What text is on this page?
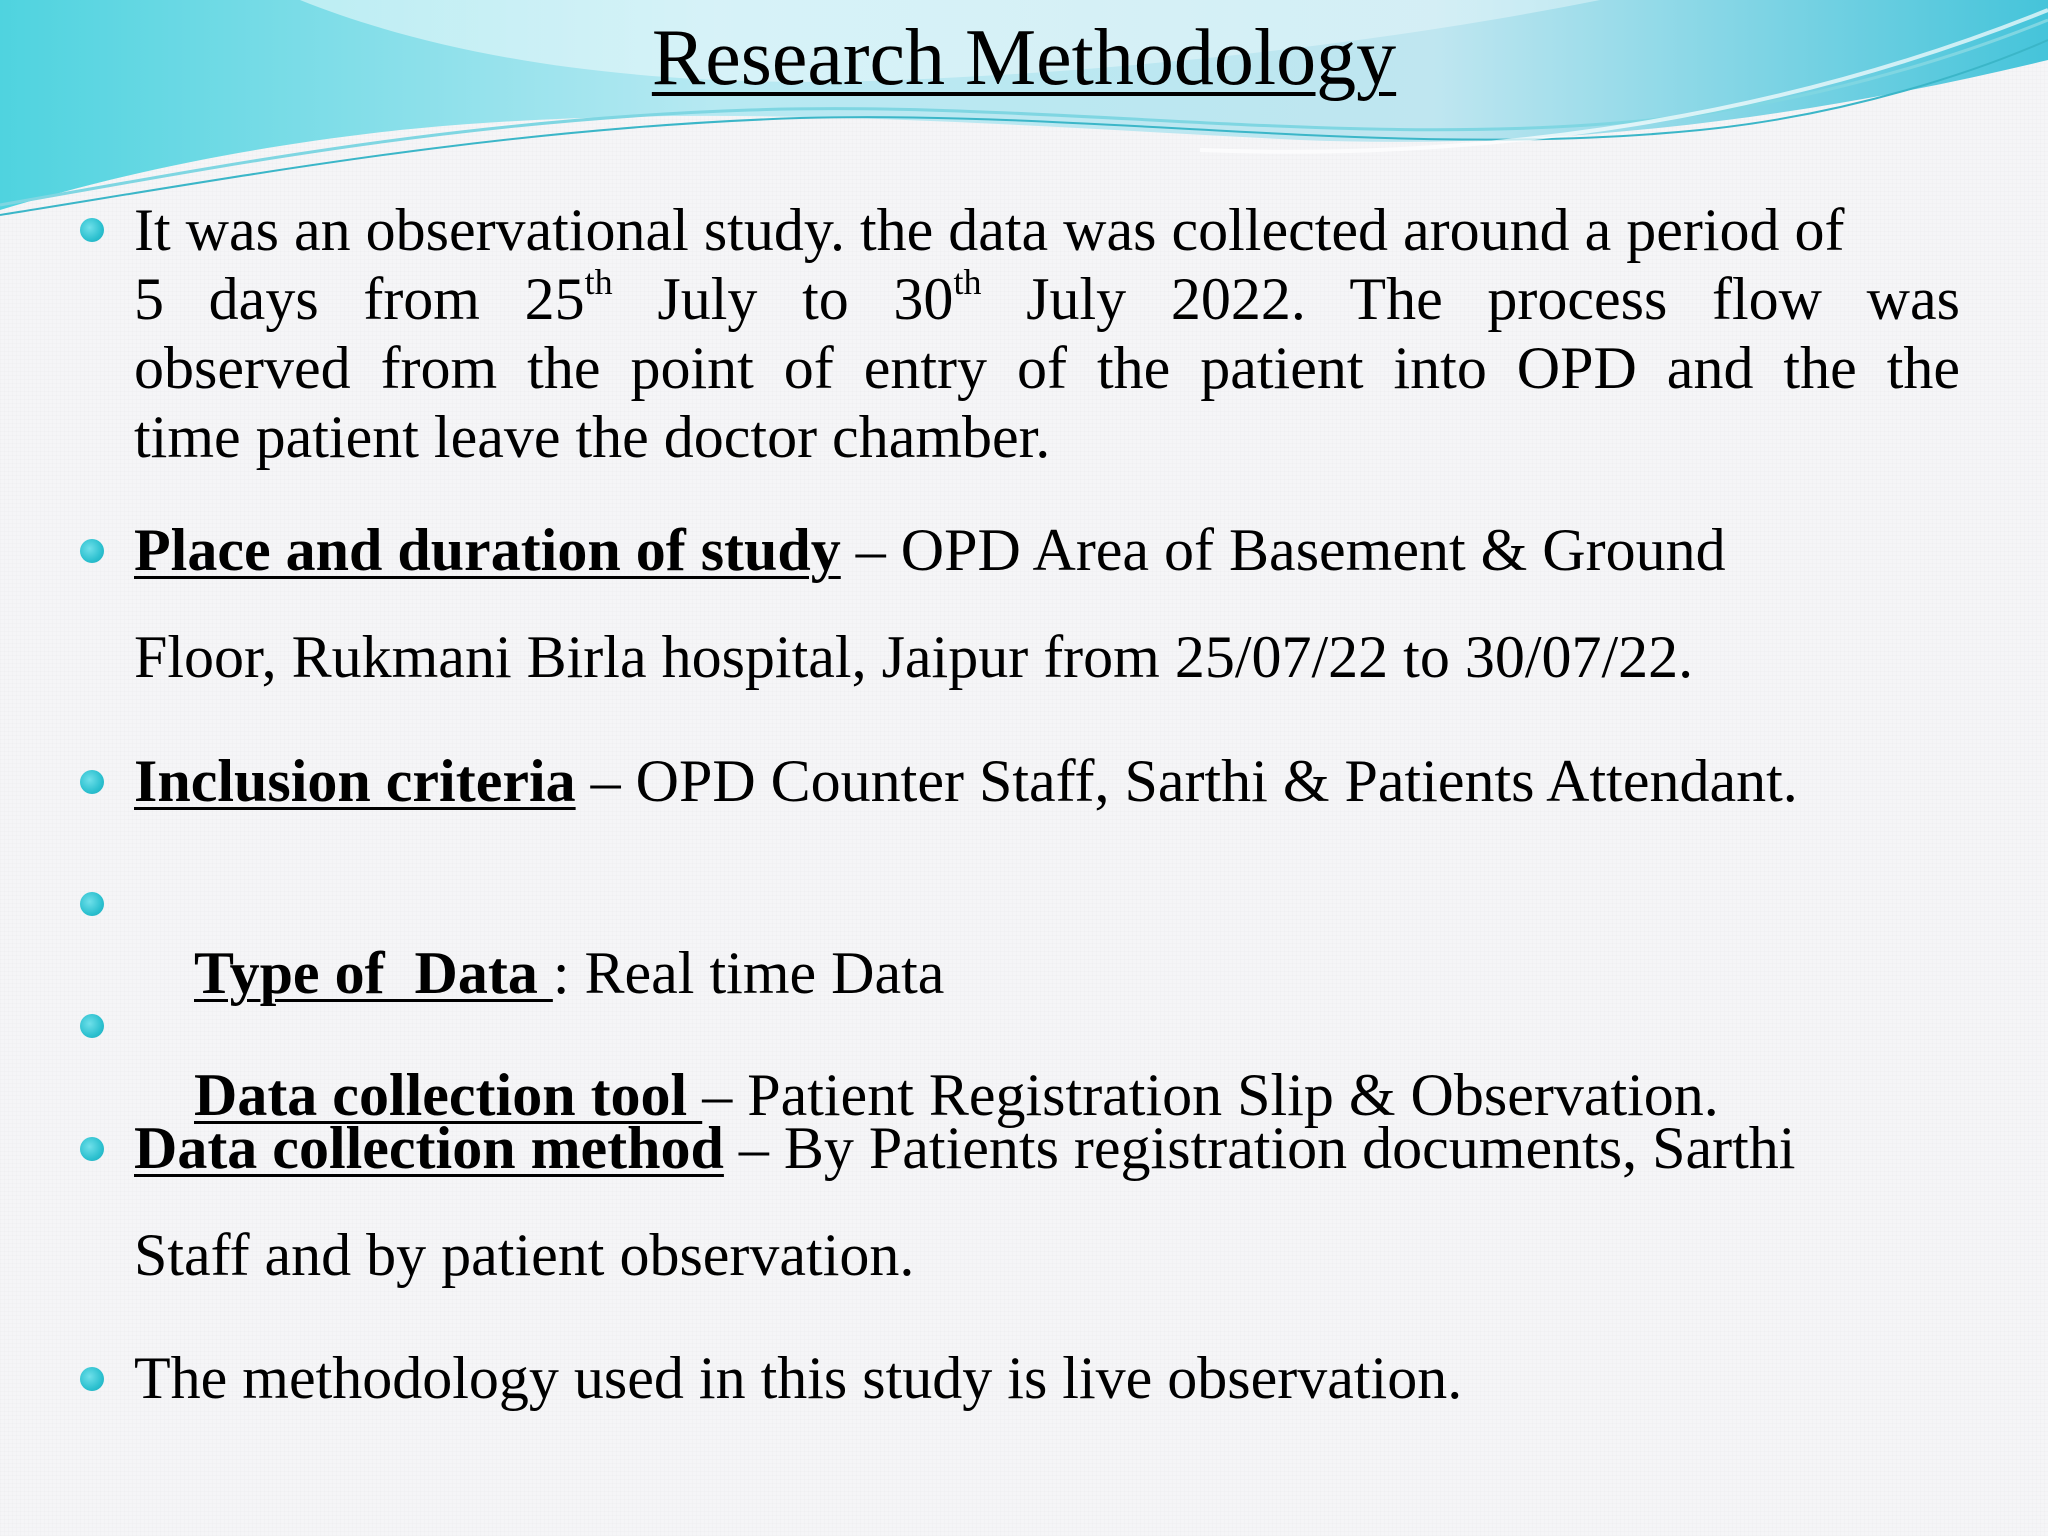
Research Methodology
It was an observational study. the data was collected around a period of
5 days from 25th July to 30th July 2022. The process flow was
observed from the point of entry of the patient into OPD and the the
time patient leave the doctor chamber.
Place and duration of study – OPD Area of Basement & Ground
Floor, Rukmani Birla hospital, Jaipur from 25/07/22 to 30/07/22.
Inclusion criteria – OPD Counter Staff, Sarthi & Patients Attendant.

Type of  Data : Real time Data

Data collection tool – Patient Registration Slip & Observation.

Data collection method – By Patients registration documents, Sarthi
Staff and by patient observation.
The methodology used in this study is live observation.
